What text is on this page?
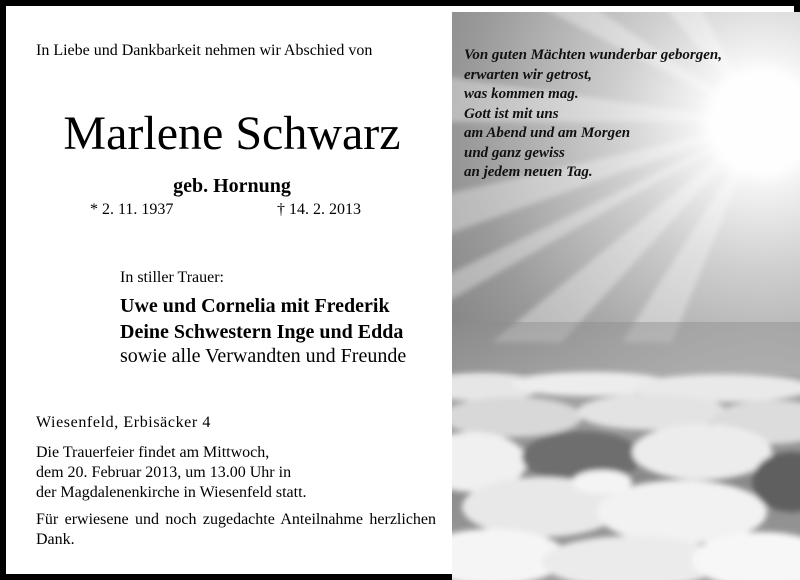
In Liebe und Dankbarkeit nehmen wir Abschied von
Marlene Schwarz
geb. Hornung
* 2. 11. 1937	† 14. 2. 2013
In stiller Trauer:
Uwe und Cornelia mit Frederik
Deine Schwestern Inge und Edda
sowie alle Verwandten und Freunde
Wiesenfeld, Erbisäcker 4
Die Trauerfeier findet am Mittwoch,
dem 20. Februar 2013, um 13.00 Uhr in
der Magdalenenkirche in Wiesenfeld statt.
Für erwiesene und noch zugedachte Anteilnahme herzlichen Dank.
Von guten Mächten wunderbar geborgen,
erwarten wir getrost,
was kommen mag.
Gott ist mit uns
am Abend und am Morgen
und ganz gewiss
an jedem neuen Tag.
